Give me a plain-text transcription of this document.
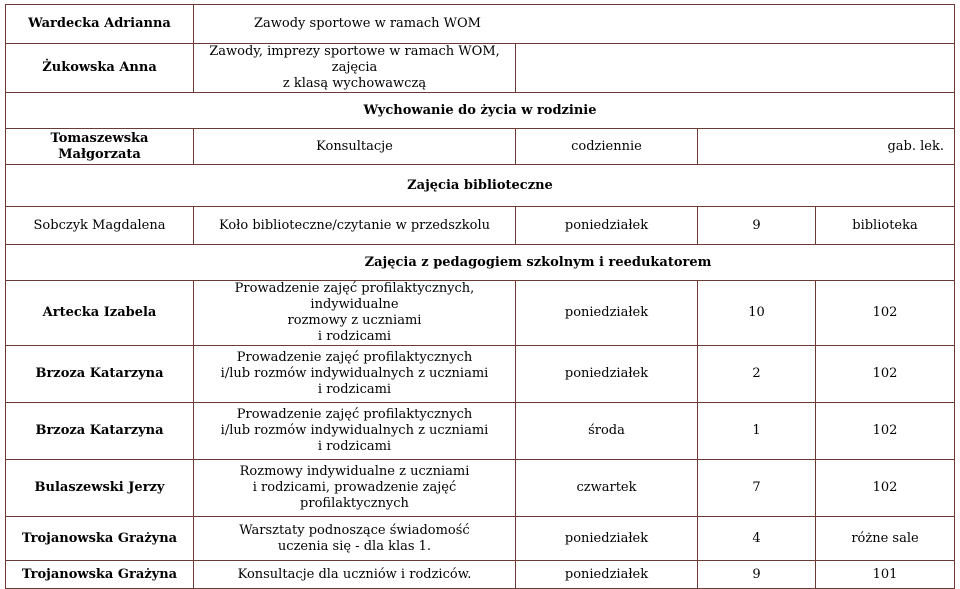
Wardecka Adrianna	Zawody sportowe w ramach WOM			
Żukowska Anna	Zawody, imprezy sportowe w ramach WOM, zajęcia
z klasą wychowawczą			

Wychowanie do życia w rodzinie				
Tomaszewska Małgorzata	Konsultacje	codziennie	gab. lek.	
Zajęcia biblioteczne				
Sobczyk Magdalena	Koło biblioteczne/czytanie w przedszkolu	poniedziałek	9	biblioteka
Zajęcia z pedagogiem szkolnym i reedukatorem				
Artecka Izabela	Prowadzenie zajęć profilaktycznych, indywidualne
rozmowy z uczniami
i rodzicami	poniedziałek	10	102
Brzoza Katarzyna	Prowadzenie zajęć profilaktycznych
i/lub rozmów indywidualnych z uczniami
i rodzicami	poniedziałek	2	102
Brzoza Katarzyna	Prowadzenie zajęć profilaktycznych
i/lub rozmów indywidualnych z uczniami
i rodzicami	środa	1	102
Bulaszewski Jerzy	Rozmowy indywidualne z uczniami
i rodzicami, prowadzenie zajęć profilaktycznych	czwartek	7	102
Trojanowska Grażyna	Warsztaty podnoszące świadomość
uczenia się - dla klas 1.	poniedziałek	4	różne sale
Trojanowska Grażyna	Konsultacje dla uczniów i rodziców.	poniedziałek	9	101
